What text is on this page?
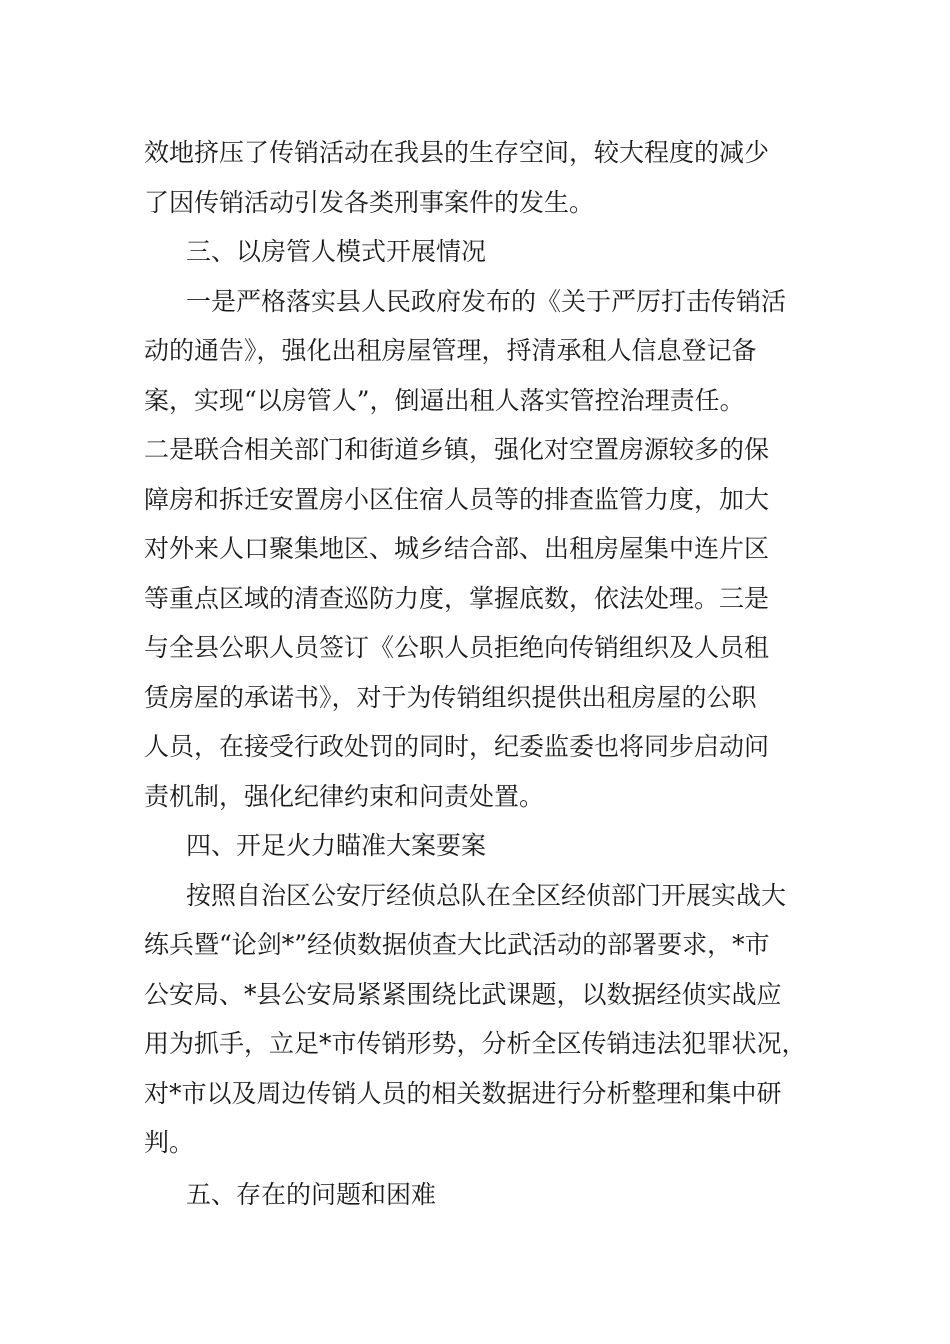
效地挤压了传销活动在我县的生存空间，较大程度的减少
了因传销活动引发各类刑事案件的发生。
三、以房管人模式开展情况
一是严格落实县人民政府发布的《关于严厉打击传销活
动的通告》，强化出租房屋管理，捋清承租人信息登记备
案，实现“以房管人”，倒逼出租人落实管控治理责任。
二是联合相关部门和街道乡镇，强化对空置房源较多的保
障房和拆迁安置房小区住宿人员等的排查监管力度，加大
对外来人口聚集地区、城乡结合部、出租房屋集中连片区
等重点区域的清查巡防力度，掌握底数，依法处理。三是
与全县公职人员签订《公职人员拒绝向传销组织及人员租
赁房屋的承诺书》，对于为传销组织提供出租房屋的公职
人员，在接受行政处罚的同时，纪委监委也将同步启动问
责机制，强化纪律约束和问责处置。
四、开足火力瞄准大案要案
按照自治区公安厅经侦总队在全区经侦部门开展实战大
练兵暨“论剑*”经侦数据侦查大比武活动的部署要求，*市
公安局、*县公安局紧紧围绕比武课题，以数据经侦实战应
用为抓手，立足*市传销形势，分析全区传销违法犯罪状况，
对*市以及周边传销人员的相关数据进行分析整理和集中研
判。
五、存在的问题和困难
